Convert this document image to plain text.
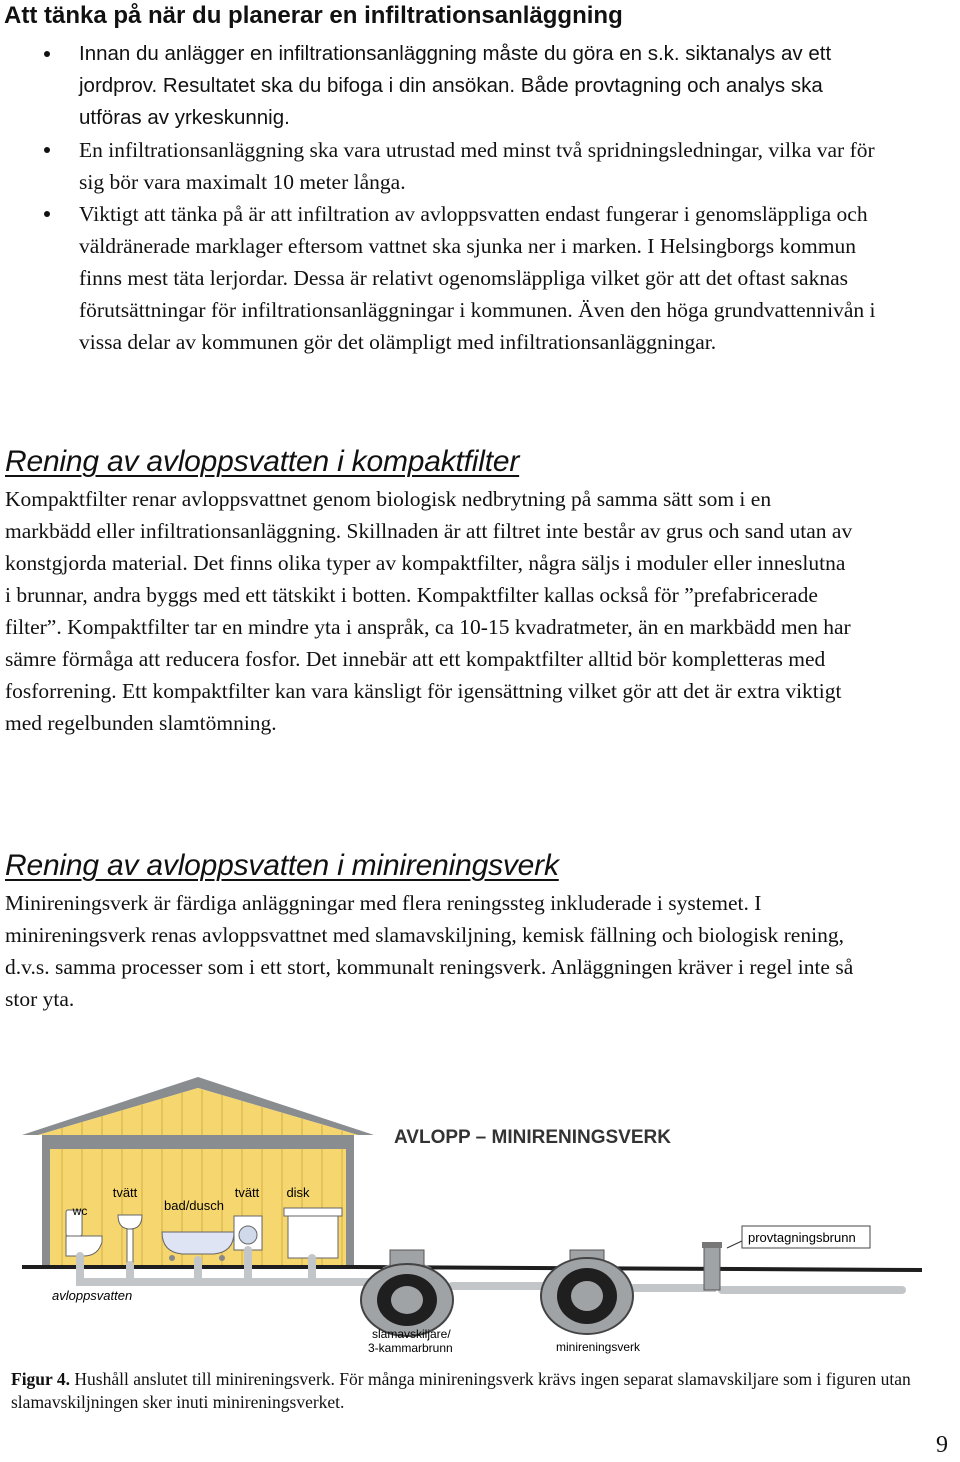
Att tänka på när du planerar en infiltrationsanläggning
Innan du anlägger en infiltrationsanläggning måste du göra en s.k. siktanalys av ett jordprov. Resultatet ska du bifoga i din ansökan. Både provtagning och analys ska utföras av yrkeskunnig.
En infiltrationsanläggning ska vara utrustad med minst två spridningsledningar, vilka var för sig bör vara maximalt 10 meter långa.
Viktigt att tänka på är att infiltration av avloppsvatten endast fungerar i genomsläppliga och väldränerade marklager eftersom vattnet ska sjunka ner i marken. I Helsingborgs kommun finns mest täta lerjordar. Dessa är relativt ogenomsläppliga vilket gör att det oftast saknas förutsättningar för infiltrationsanläggningar i kommunen. Även den höga grundvattennivån i vissa delar av kommunen gör det olämpligt med infiltrationsanläggningar.
Rening av avloppsvatten i kompaktfilter

Kompaktfilter renar avloppsvattnet genom biologisk nedbrytning på samma sätt som i en markbädd eller infiltrationsanläggning. Skillnaden är att filtret inte består av grus och sand utan av konstgjorda material. Det finns olika typer av kompaktfilter, några säljs i moduler eller inneslutna i brunnar, andra byggs med ett tätskikt i botten. Kompaktfilter kallas också för ”prefabricerade filter”. Kompaktfilter tar en mindre yta i anspråk, ca 10-15 kvadratmeter, än en markbädd men har sämre förmåga att reducera fosfor. Det innebär att ett kompaktfilter alltid bör kompletteras med fosforrening. Ett kompaktfilter kan vara känsligt för igensättning vilket gör att det är extra viktigt med regelbunden slamtömning.

Rening av avloppsvatten i minireningsverk

Minireningsverk är färdiga anläggningar med flera reningssteg inkluderade i systemet. I minireningsverk renas avloppsvattnet med slamavskiljning, kemisk fällning och biologisk rening, d.v.s. samma processer som i ett stort, kommunalt reningsverk. Anläggningen kräver i regel inte så stor yta.

wc
tvätt
bad/dusch
tvätt disk
avloppsvatten
slamavskiljare/
3-kammarbrunn	minireningsverk
provtagningsbrunn
AVLOPP – MINIRENINGSVERK

Figur 4. Hushåll anslutet till minireningsverk. För många minireningsverk krävs ingen separat slamavskiljare som i figuren utan slamavskiljningen sker inuti minireningsverket.

9
